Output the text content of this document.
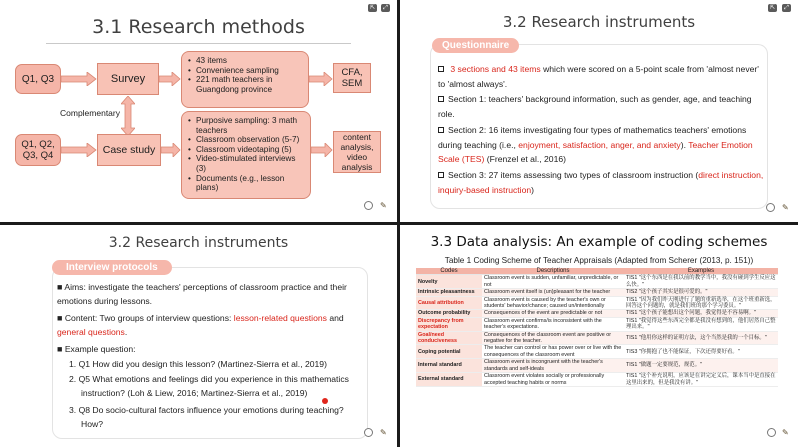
3.1 Research methods
⇱	⤢
Q1, Q3	Survey
• 43 items
• Convenience sampling
• 221 math teachers in Guangdong province
CFA, SEM
Complementary
Q1, Q2, Q3, Q4	Case study
• Purposive sampling: 3 math teachers
• Classroom observation (5-7)
• Classroom videotaping (5)
• Video-stimulated interviews (3)
• Documents (e.g., lesson plans)
content analysis, video analysis
✎
3.2 Research instruments
⇱	⤢
Questionnaire
3 sections and 43 items which were scored on a 5-point scale from 'almost never' to 'almost always'.
Section 1: teachers' background information, such as gender, age, and teaching role.
Section 2: 16 items investigating four types of mathematics teachers' emotions during teaching (i.e., enjoyment, satisfaction, anger, and anxiety). Teacher Emotion Scale (TES) (Frenzel et al., 2016)
Section 3: 27 items assessing two types of classroom instruction (direct instruction, inquiry-based instruction)
✎
3.2 Research instruments
Interview protocols
■ Aims: investigate the teachers' perceptions of classroom practice and their emotions during lessons.
■ Content: Two groups of interview questions: lesson-related questions and general questions.
■ Example question:
1. Q1 How did you design this lesson? (Martinez-Sierra et al., 2019)
2. Q5 What emotions and feelings did you experience in this mathematics instruction? (Loh & Liew, 2016; Martinez-Sierra et al., 2019)
3. Q8 Do socio-cultural factors influence your emotions during teaching? How?
✎
3.3 Data analysis: An example of coding schemes
Table 1 Coding Scheme of Teacher Appraisals (Adapted from Scherer (2013, p. 151))
✎
Codes	Descriptions	Examples
Novelty	Classroom event is sudden, unfamiliar, unpredictable, or not	TIS1 "这个东西是在我以前的教学当中，我没有碰到学生反应这么快。"
Intrinsic pleasantness	Classroom event itself is (un)pleasant for the teacher	TIS2 "这个孩子其实是很可爱的。"
Causal attribution	Classroom event is caused by the teacher's own or students' behavior/chance; caused un/intentionally	TIS1 "因为我们昨天刚进行了题的重新选举，在这个班重新选，回答这个问题的，就是我们班的那个学习委员。"
Outcome probability	Consequences of the event are predictable or not	TIS1 "这个孩子能想出这个问题，我觉得是不容易啊。"
Discrepancy from expectation	Classroom event confirms/is inconsistent with the teacher's expectations.	TIS1 "我觉得这些东西完全都是我没有想到的，他们居然自己整理出来。"
Goal/need conduciveness	Consequences of the classroom event are positive or negative for the teacher.	TIS1 "他用你这样的证明方法，这个当然是我的一个目标。"
Coping potential	The teacher can control or has power over or live with the consequences of the classroom event	TIS3 "你拥抱了也不能保证，下次还得要好看。"
Internal standard	Classroom event is incongruent with the teacher's standards and self-ideals	TIS1 "做题一定要规范，规范。"
External standard	Classroom event violates socially or professionally accepted teaching habits or norms	TIS1 "这个补充说明，应该是在讲完定义后，课本当中是直接在这里出来的，但是我没有讲。"
